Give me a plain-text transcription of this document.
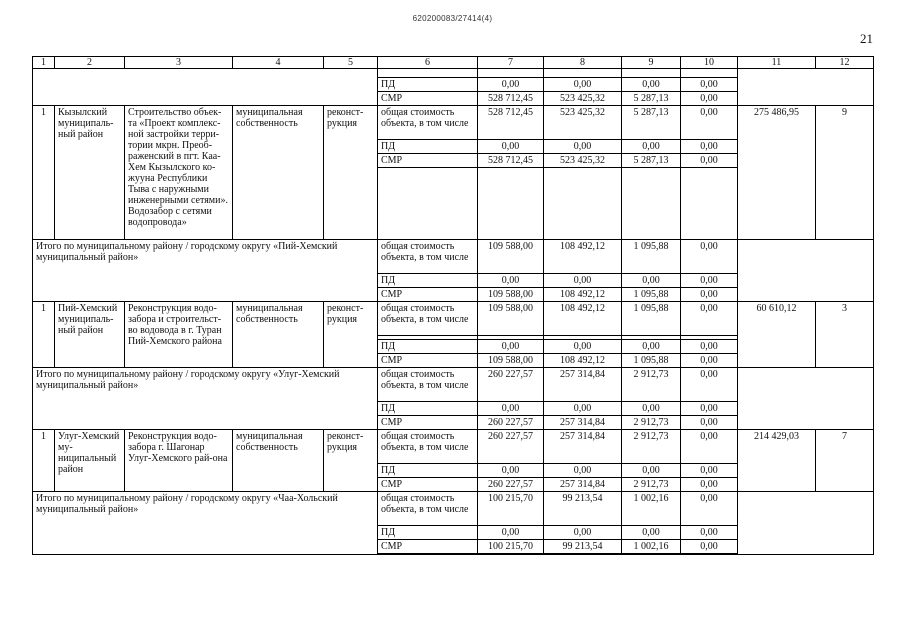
620200083/27414(4)
21
1	2	3	4	5	6	7	8	9	10	11	12

					ПД	0,00	0,00	0,00	0,00		
					СМР	528 712,45	523 425,32	5 287,13	0,00		
1	Кызылский муниципаль-ный район	Строительство объек-та «Проект комплекс-ной застройки терри-тории мкрн. Преоб-раженский в пгт. Каа-Хем Кызылского ко-жууна Республики Тыва с наружными инженерными сетями». Водозабор с сетями водопровода»	муниципальная собственность	реконст-рукция	общая стоимость объекта, в том числе	528 712,45	523 425,32	5 287,13	0,00	275 486,95	9
					ПД	0,00	0,00	0,00	0,00		
					СМР	528 712,45	523 425,32	5 287,13	0,00		

Итого по муниципальному району / городскому округу «Пий-Хемский муниципальный район»					общая стоимость объекта, в том числе	109 588,00	108 492,12	1 095,88	0,00		
					ПД	0,00	0,00	0,00	0,00		
					СМР	109 588,00	108 492,12	1 095,88	0,00		
1	Пий-Хемский муниципаль-ный район	Реконструкция водо-забора и строительст-во водовода в г. Туран Пий-Хемского района	муниципальная собственность	реконст-рукция	общая стоимость объекта, в том числе	109 588,00	108 492,12	1 095,88	0,00	60 610,12	3

					ПД	0,00	0,00	0,00	0,00		
					СМР	109 588,00	108 492,12	1 095,88	0,00		
Итого по муниципальному району / городскому округу «Улуг-Хемский муниципальный район»					общая стоимость объекта, в том числе	260 227,57	257 314,84	2 912,73	0,00		
					ПД	0,00	0,00	0,00	0,00		
					СМР	260 227,57	257 314,84	2 912,73	0,00		
1	Улуг-Хемский му-ниципальный район	Реконструкция водо-забора г. Шагонар Улуг-Хемского рай-она	муниципальная собственность	реконст-рукция	общая стоимость объекта, в том числе	260 227,57	257 314,84	2 912,73	0,00	214 429,03	7
					ПД	0,00	0,00	0,00	0,00		
					СМР	260 227,57	257 314,84	2 912,73	0,00		
Итого по муниципальному району / городскому округу «Чаа-Хольский муниципальный район»					общая стоимость объекта, в том числе	100 215,70	99 213,54	1 002,16	0,00		
					ПД	0,00	0,00	0,00	0,00		
					СМР	100 215,70	99 213,54	1 002,16	0,00		
